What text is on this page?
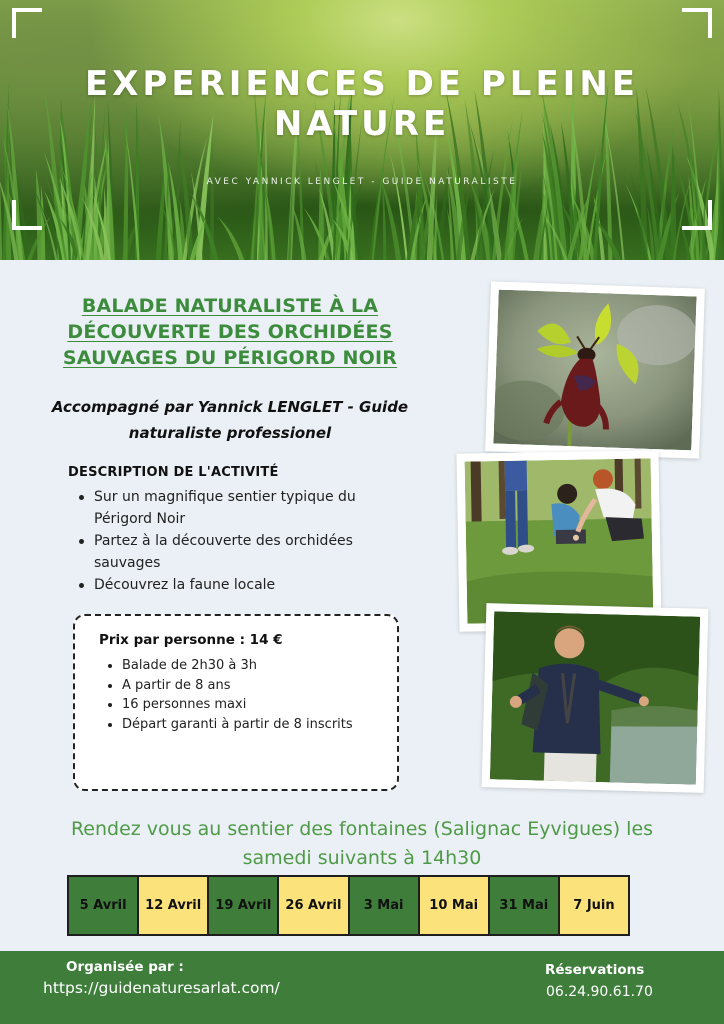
EXPERIENCES DE PLEINE NATURE
AVEC YANNICK LENGLET - GUIDE NATURALISTE
BALADE NATURALISTE À LA DÉCOUVERTE DES ORCHIDÉES SAUVAGES DU PÉRIGORD NOIR
Accompagné par Yannick LENGLET - Guide naturaliste professionel
DESCRIPTION DE L'ACTIVITÉ
Sur un magnifique sentier typique du Périgord Noir
Partez à la découverte des orchidées sauvages
Découvrez la faune locale
Prix par personne : 14 €
Balade de 2h30 à 3h
A partir de 8 ans
16 personnes maxi
Départ garanti à partir de 8 inscrits
Rendez vous au sentier des fontaines (Salignac Eyvigues) les samedi suivants à 14h30
5 Avril	12 Avril	19 Avril	26 Avril	3 Mai	10 Mai	31 Mai	7 Juin
Organisée par :
https://guidenaturesarlat.com/
Réservations
06.24.90.61.70
